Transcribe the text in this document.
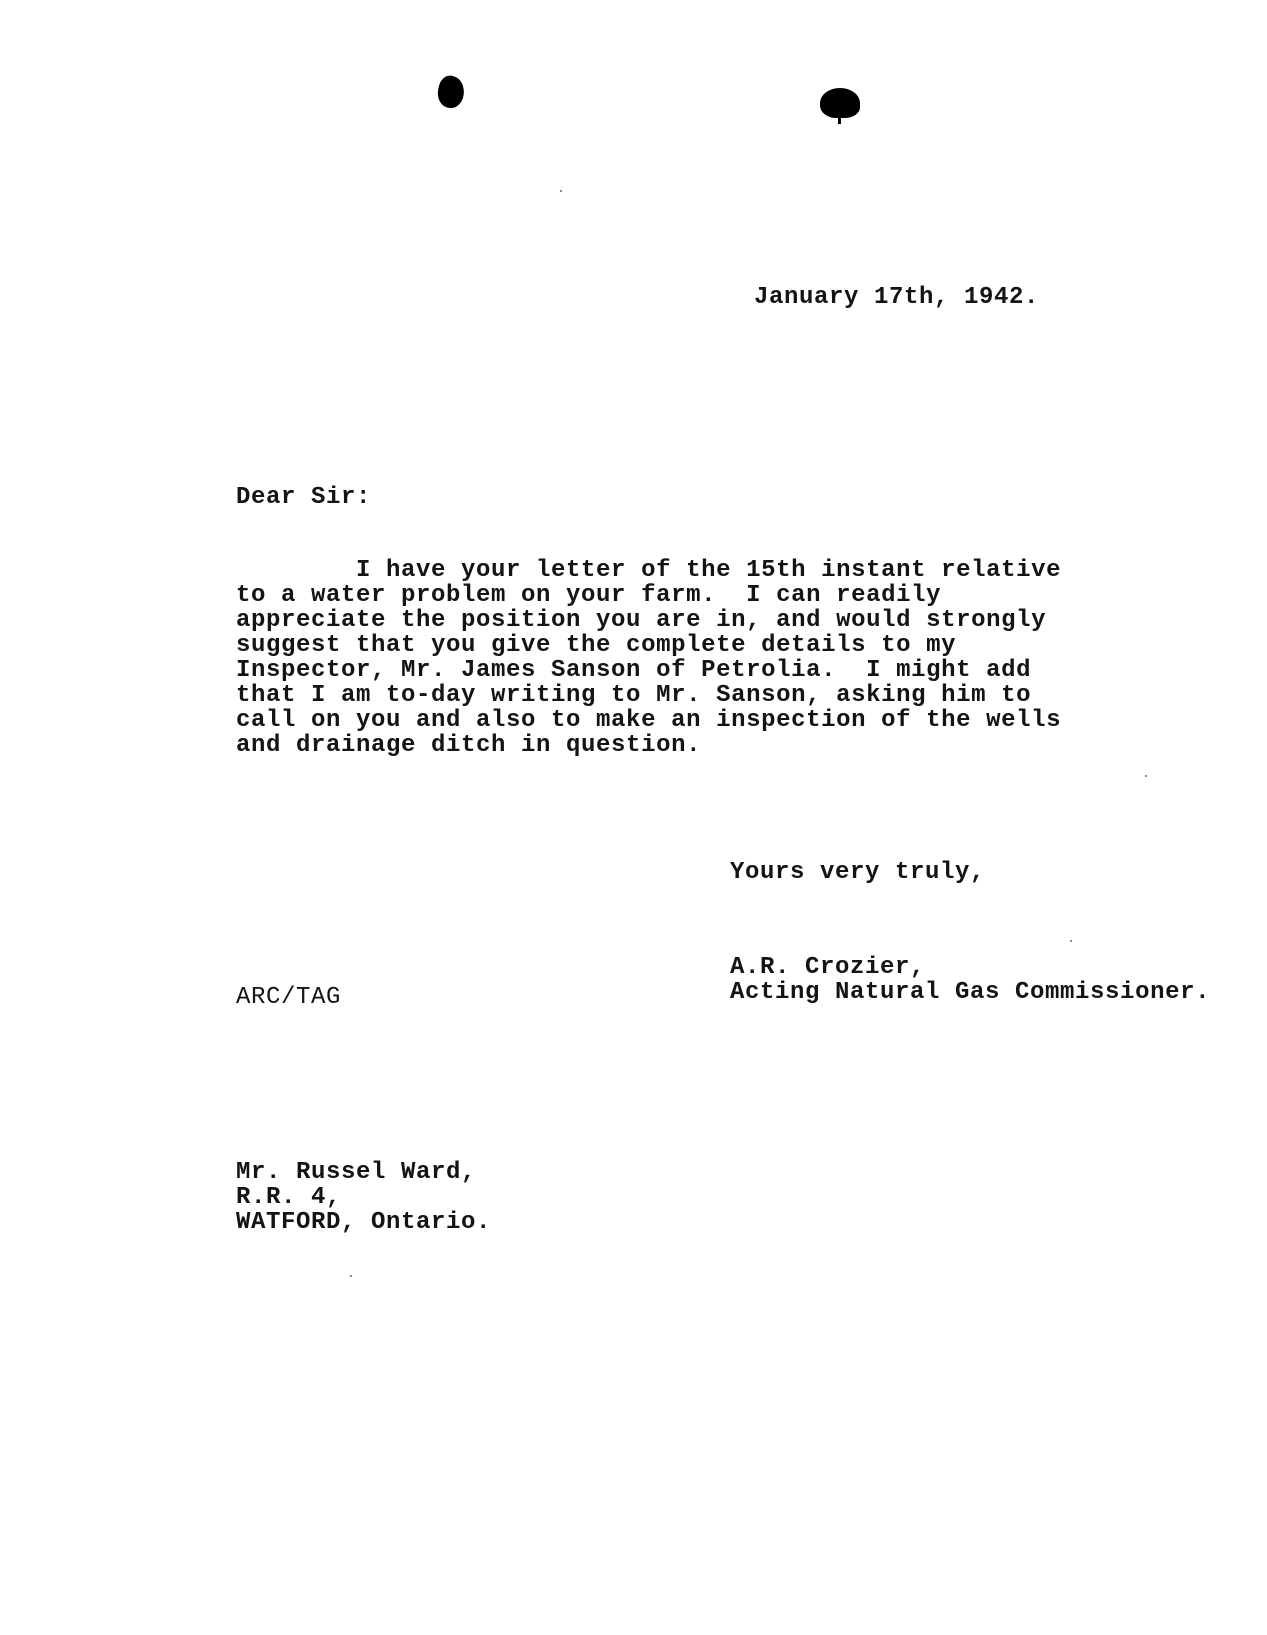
January 17th, 1942.
Dear Sir:
I have your letter of the 15th instant relative
to a water problem on your farm.  I can readily
appreciate the position you are in, and would strongly
suggest that you give the complete details to my
Inspector, Mr. James Sanson of Petrolia.  I might add
that I am to-day writing to Mr. Sanson, asking him to
call on you and also to make an inspection of the wells
and drainage ditch in question.
Yours very truly,
A.R. Crozier,
Acting Natural Gas Commissioner.
ARC/TAG
Mr. Russel Ward,
R.R. 4,
WATFORD, Ontario.
